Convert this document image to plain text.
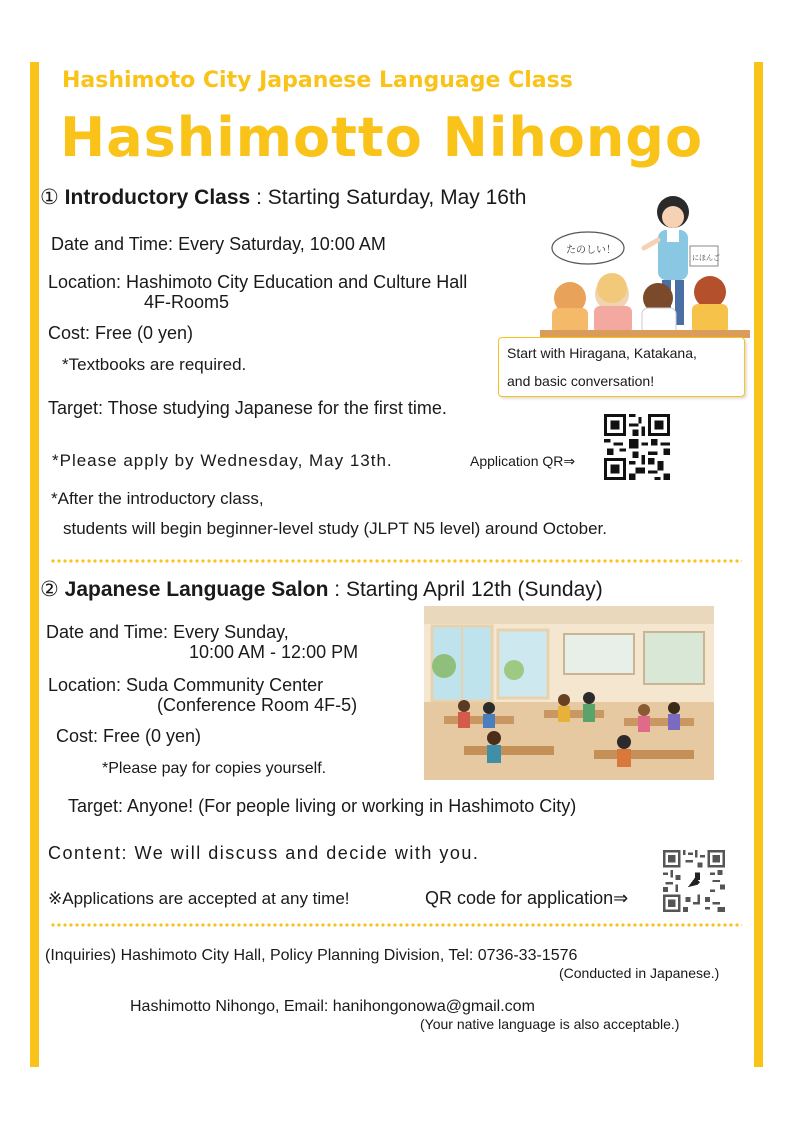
Hashimoto City Japanese Language Class
Hashimotto Nihongo
① Introductory Class : Starting Saturday, May 16th
Date and Time: Every Saturday, 10:00 AM
Location: Hashimoto City Education and Culture Hall
4F-Room5
Cost: Free (0 yen)
*Textbooks are required.
Target: Those studying Japanese for the first time.
*Please apply by Wednesday, May 13th.	Application QR⇒
*After the introductory class,
students will begin beginner-level study (JLPT N5 level) around October.
にほんご
たのしい！
Start with Hiragana, Katakana,
and basic conversation!
② Japanese Language Salon : Starting April 12th (Sunday)
Date and Time: Every Sunday,
10:00 AM - 12:00 PM
Location: Suda Community Center
(Conference Room 4F-5)
Cost: Free (0 yen)
*Please pay for copies yourself.
Target: Anyone! (For people living or working in Hashimoto City)
Content: We will discuss and decide with you.
※Applications are accepted at any time!	QR code for application⇒
(Inquiries) Hashimoto City Hall, Policy Planning Division, Tel: 0736-33-1576
(Conducted in Japanese.)
Hashimotto Nihongo, Email: hanihongonowa@gmail.com
(Your native language is also acceptable.)
